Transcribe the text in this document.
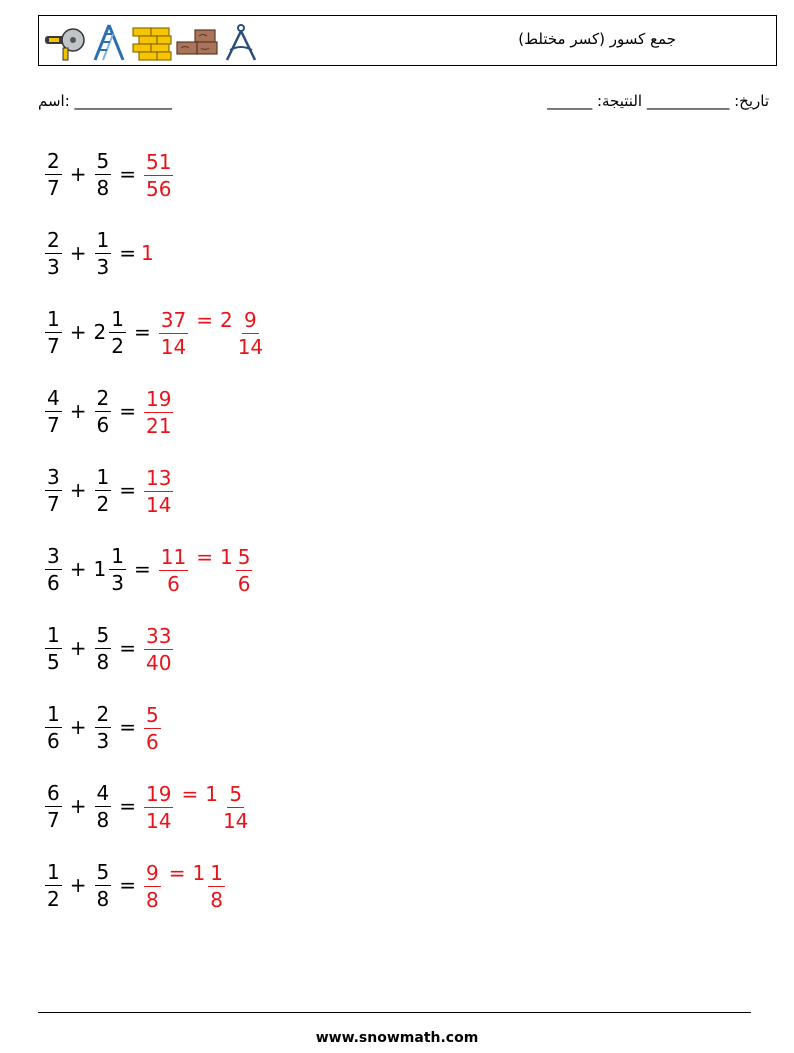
جمع كسور (كسر مختلط)
اسم: _____________	______ :تاريخ: ___________ النتيجة
$\frac{2}{7} + \frac{5}{8} = \frac{51}{56}$
$\frac{2}{3} + \frac{1}{3} = 1$
$\frac{1}{7} + 2 \frac{1}{2} = \frac{37}{14} = 2 \frac{9}{14}$
$\frac{4}{7} + \frac{2}{6} = \frac{19}{21}$
$\frac{3}{7} + \frac{1}{2} = \frac{13}{14}$
$\frac{3}{6} + 1 \frac{1}{3} = \frac{11}{6} = 1 \frac{5}{6}$
$\frac{1}{5} + \frac{5}{8} = \frac{33}{40}$
$\frac{1}{6} + \frac{2}{3} = \frac{5}{6}$
$\frac{6}{7} + \frac{4}{8} = \frac{19}{14} = 1 \frac{5}{14}$
$\frac{1}{2} + \frac{5}{8} = \frac{9}{8} = 1 \frac{1}{8}$
www.snowmath.com
